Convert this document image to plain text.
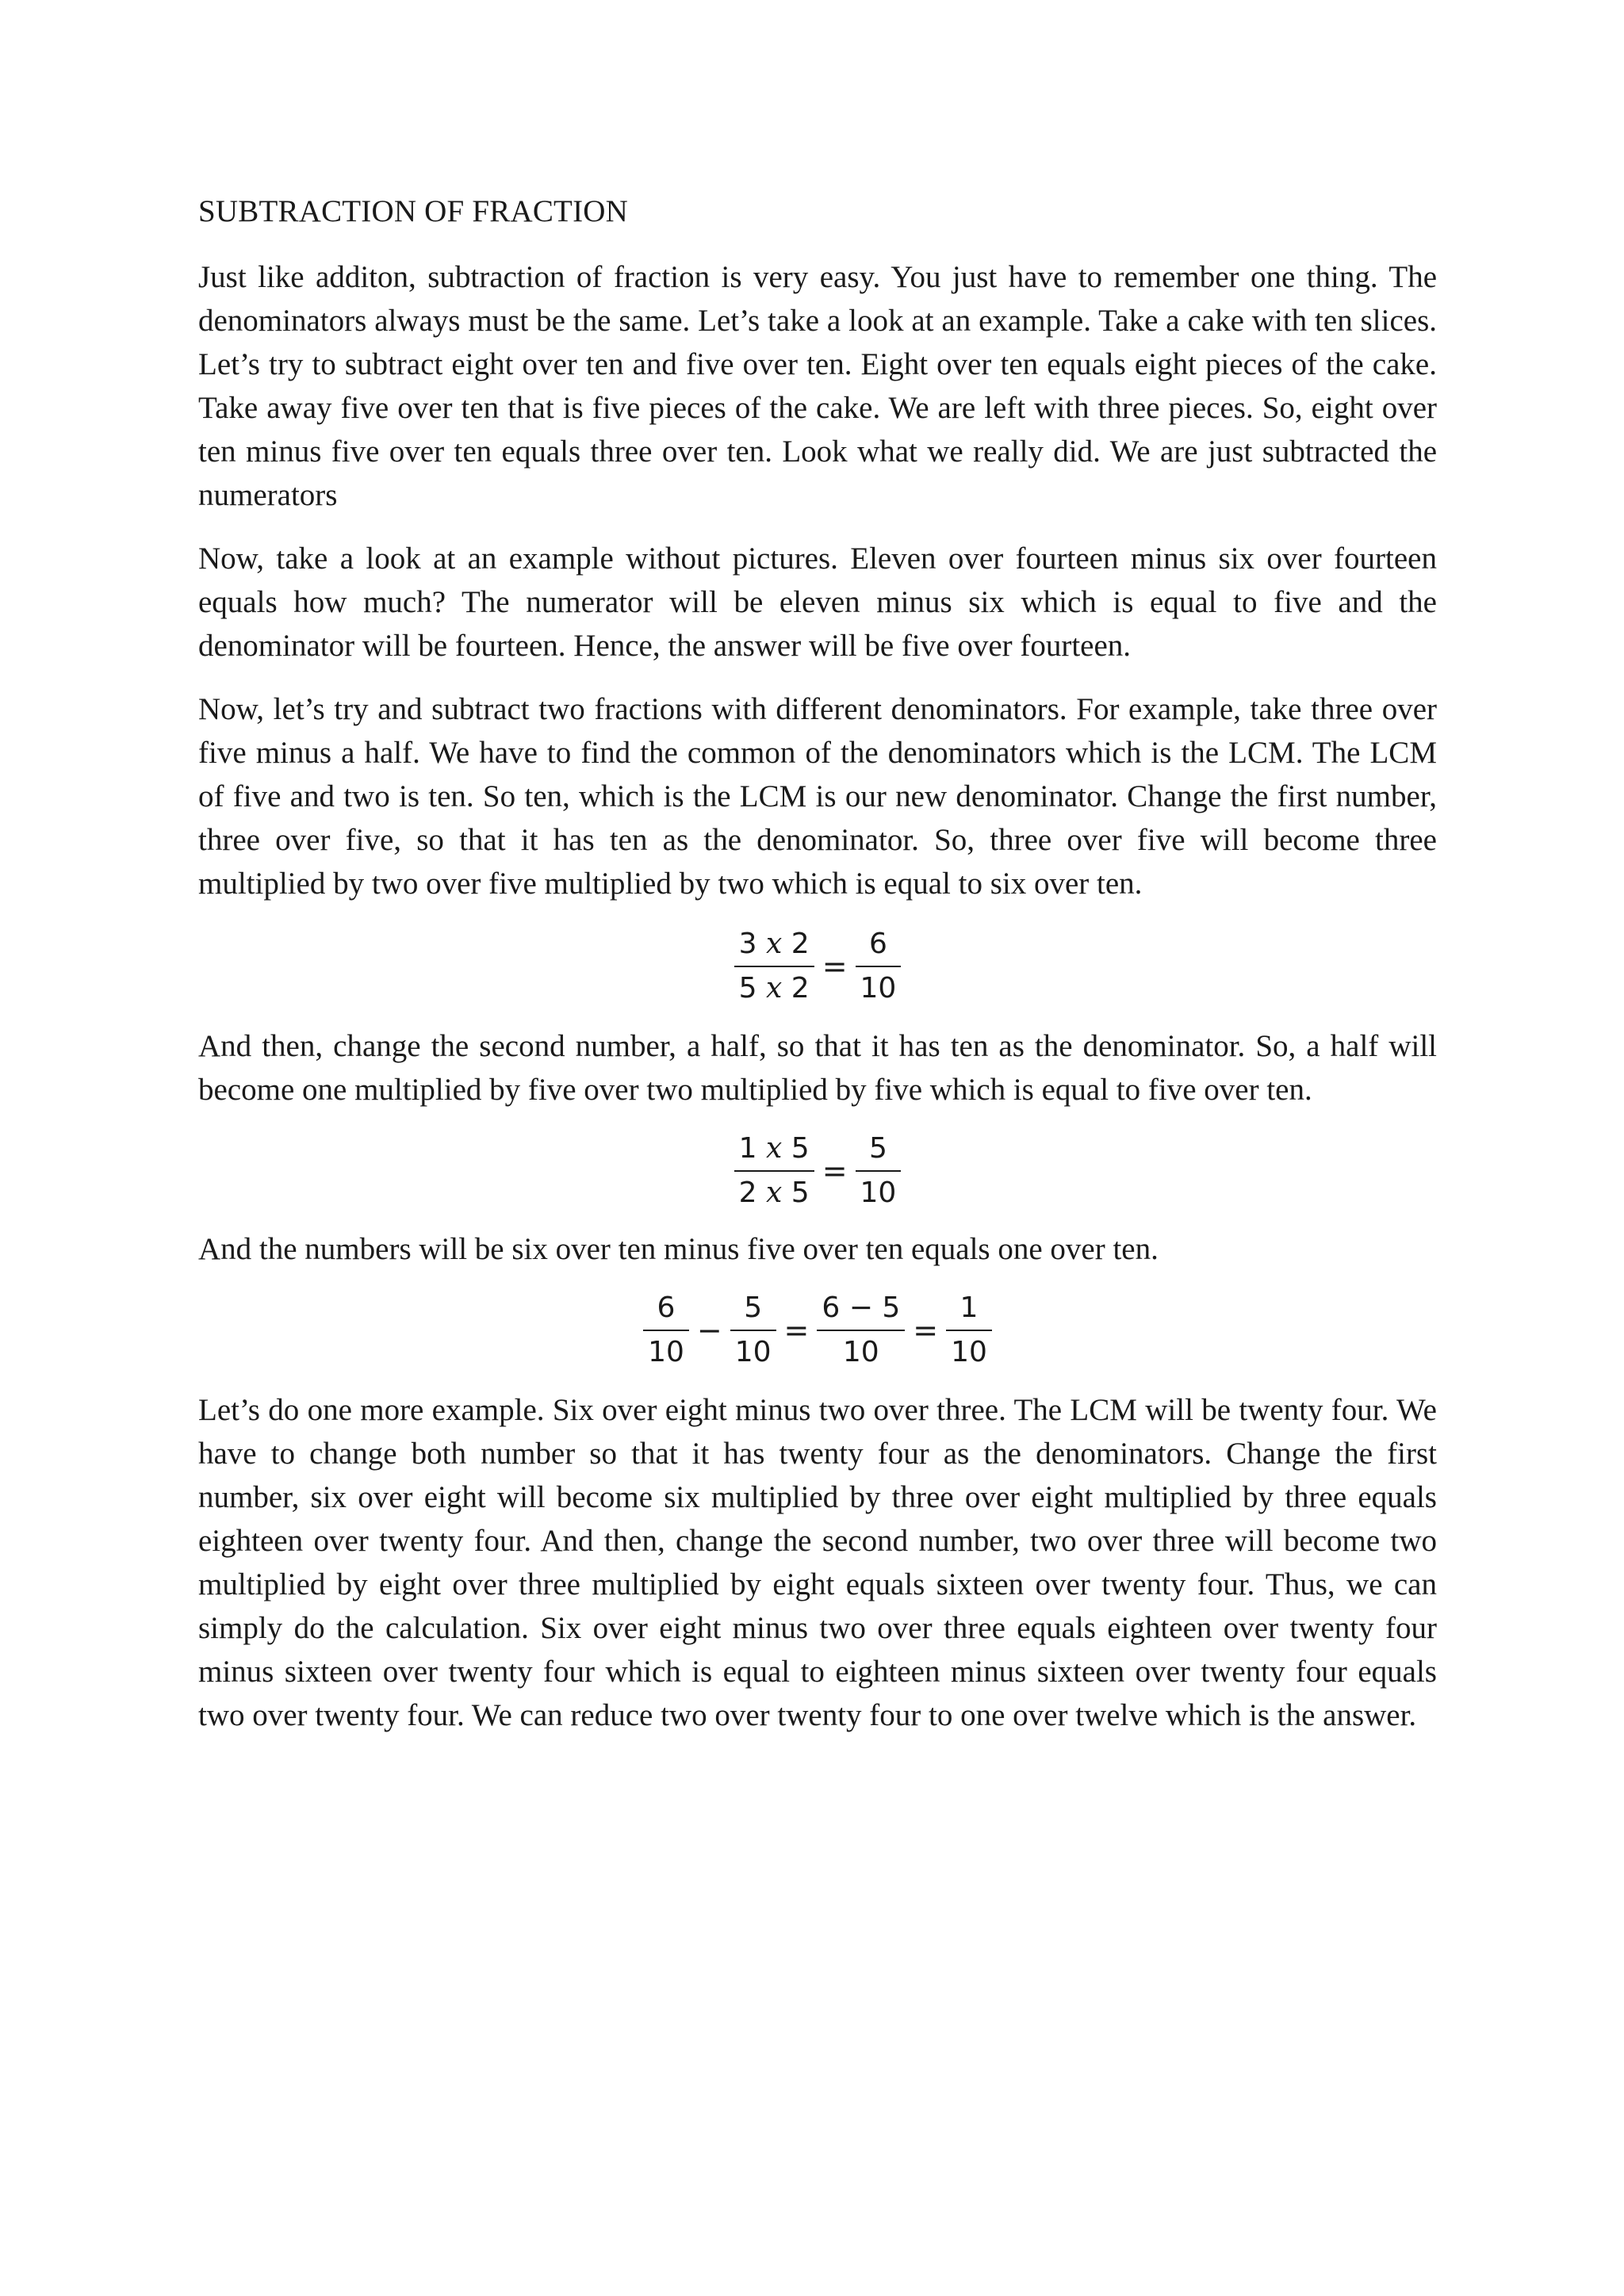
SUBTRACTION OF FRACTION

Just like additon, subtraction of fraction is very easy. You just have to remember one thing. The denominators always must be the same. Let’s take a look at an example. Take a cake with ten slices. Let’s try to subtract eight over ten and five over ten. Eight over ten equals eight pieces of the cake. Take away five over ten that is five pieces of the cake. We are left with three pieces. So, eight over ten minus five over ten equals three over ten. Look what we really did. We are just subtracted the numerators

Now, take a look at an example without pictures. Eleven over fourteen minus six over fourteen equals how much? The numerator will be eleven minus six which is equal to five and the denominator will be fourteen. Hence, the answer will be five over fourteen.

Now, let’s try and subtract two fractions with different denominators. For example, take three over five minus a half. We have to find the common of the denominators which is the LCM. The LCM of five and two is ten. So ten, which is the LCM is our new denominator. Change the first number, three over five, so that it has ten as the denominator. So, three over five will become three multiplied by two over five multiplied by two which is equal to six over ten.

$\frac{3 x 2}{5 x 2} = \frac{6}{10}$

And then, change the second number, a half, so that it has ten as the denominator. So, a half will become one multiplied by five over two multiplied by five which is equal to five over ten.

$\frac{1 x 5}{2 x 5} = \frac{5}{10}$

And the numbers will be six over ten minus five over ten equals one over ten.

$\frac{6}{10} - \frac{5}{10} = \frac{6 - 5}{10} = \frac{1}{10}$

Let’s do one more example. Six over eight minus two over three. The LCM will be twenty four. We have to change both number so that it has twenty four as the denominators. Change the first number, six over eight will become six multiplied by three over eight multiplied by three equals eighteen over twenty four. And then, change the second number, two over three will become two multiplied by eight over three multiplied by eight equals sixteen over twenty four. Thus, we can simply do the calculation. Six over eight minus two over three equals eighteen over twenty four minus sixteen over twenty four which is equal to eighteen minus sixteen over twenty four equals two over twenty four. We can reduce two over twenty four to one over twelve which is the answer.
